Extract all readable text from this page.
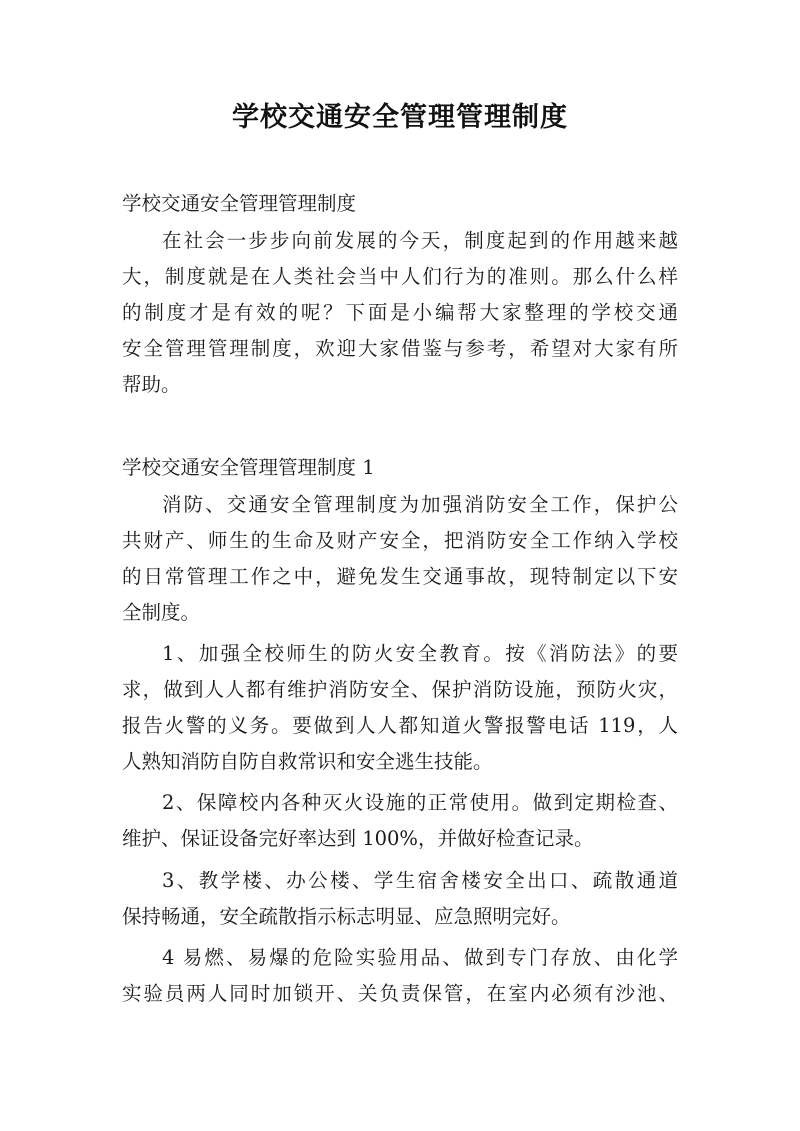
学校交通安全管理管理制度
学校交通安全管理管理制度
在社会一步步向前发展的今天，制度起到的作用越来越
大，制度就是在人类社会当中人们行为的准则。那么什么样
的制度才是有效的呢？下面是小编帮大家整理的学校交通
安全管理管理制度，欢迎大家借鉴与参考，希望对大家有所
帮助。
学校交通安全管理管理制度 1
消防、交通安全管理制度为加强消防安全工作，保护公
共财产、师生的生命及财产安全，把消防安全工作纳入学校
的日常管理工作之中，避免发生交通事故，现特制定以下安
全制度。
1、加强全校师生的防火安全教育。按《消防法》的要
求，做到人人都有维护消防安全、保护消防设施，预防火灾，
报告火警的义务。要做到人人都知道火警报警电话 119，人
人熟知消防自防自救常识和安全逃生技能。
2、保障校内各种灭火设施的正常使用。做到定期检查、
维护、保证设备完好率达到 100%，并做好检查记录。
3、教学楼、办公楼、学生宿舍楼安全出口、疏散通道
保持畅通，安全疏散指示标志明显、应急照明完好。
4 易燃、易爆的危险实验用品、做到专门存放、由化学
实验员两人同时加锁开、关负责保管，在室内必须有沙池、
